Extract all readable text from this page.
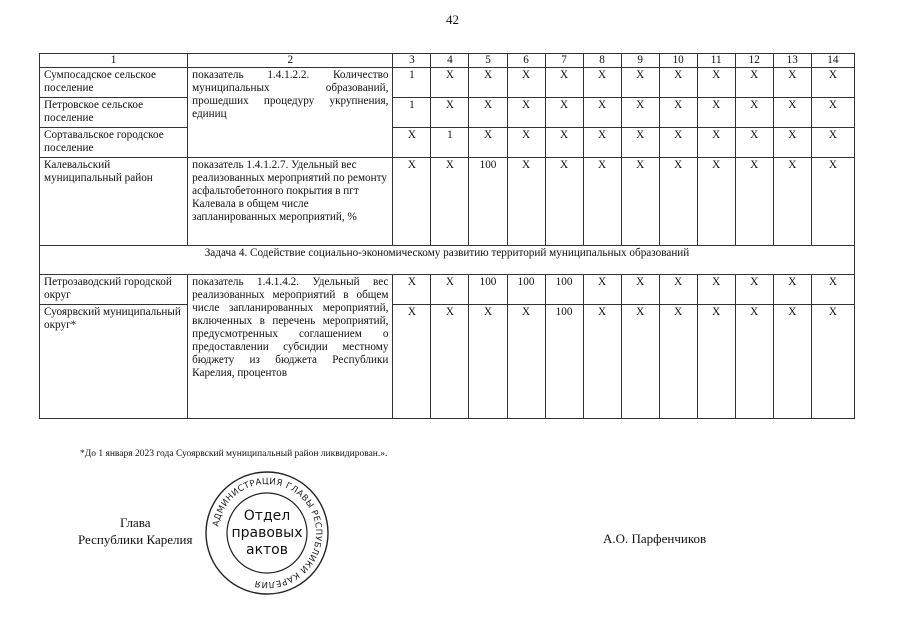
42
1	2	3	4	5	6	7	8	9	10	11	12	13	14
Сумпосадское сельское поселение	показатель 1.4.1.2.2. Количество муниципальных образований, прошедших процедуру укрупнения, единиц	1	X	X	X	X	X	X	X	X	X	X	X
Петровское сельское поселение		1	X	X	X	X	X	X	X	X	X	X	X
Сортавальское городское поселение		X	1	X	X	X	X	X	X	X	X	X	X
Калевальский муниципальный район	показатель 1.4.1.2.7. Удельный вес реализованных мероприятий по ремонту асфальтобетонного покрытия в пгт Калевала в общем числе запланированных мероприятий, %	X	X	100	X	X	X	X	X	X	X	X	X
Задача 4. Содействие социально-экономическому развитию территорий муниципальных образований													
Петрозаводский городской округ	показатель 1.4.1.4.2. Удельный вес реализованных мероприятий в общем числе запланированных мероприятий, включенных в перечень мероприятий, предусмотренных соглашением о предоставлении субсидии местному бюджету из бюджета Республики Карелия, процентов	X	X	100	100	100	X	X	X	X	X	X	X
Суоярвский муниципальный округ*		X	X	X	X	100	X	X	X	X	X	X	X
*До 1 января 2023 года Суоярвский муниципальный район ликвидирован.».
Глава
Республики Карелия
АДМИНИСТРАЦИЯ ГЛАВЫ РЕСПУБЛИКИ КАРЕЛИЯ
Отдел
правовых
актов
А.О. Парфенчиков
